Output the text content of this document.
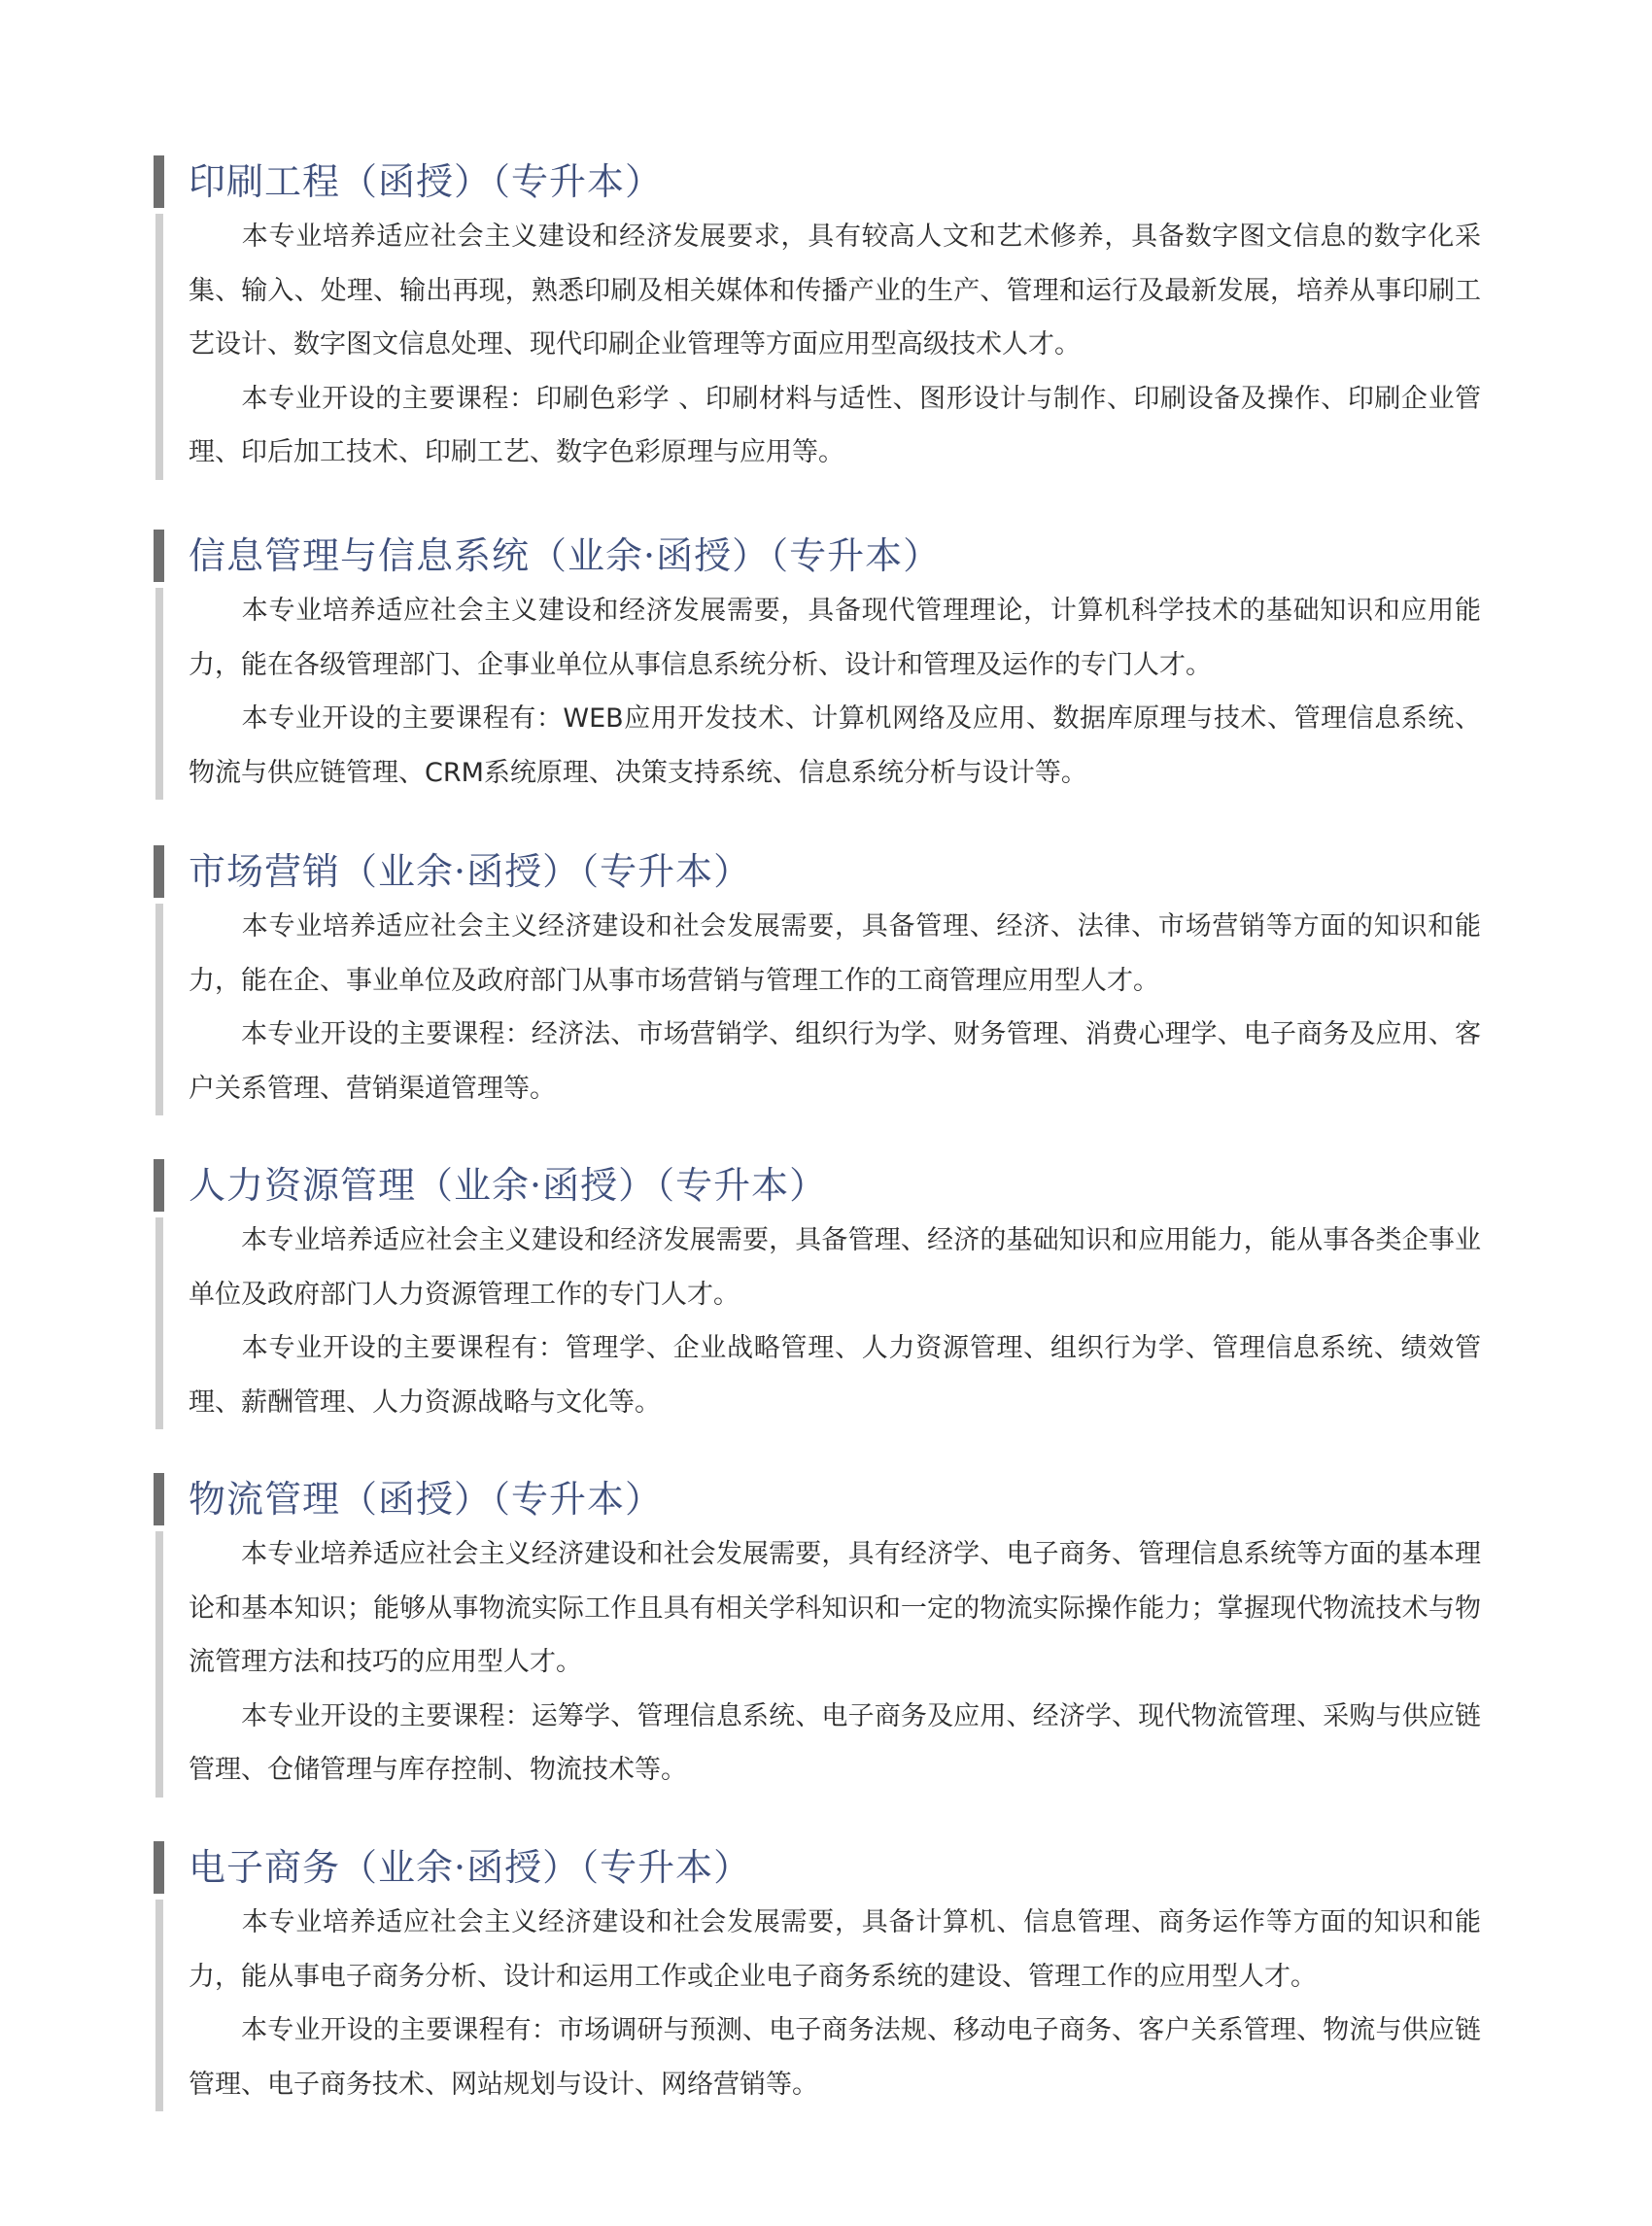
印刷工程（函授）（专升本）

本专业培养适应社会主义建设和经济发展要求，具有较高人文和艺术修养，具备数字图文信息的数字化采集、输入、处理、输出再现，熟悉印刷及相关媒体和传播产业的生产、管理和运行及最新发展，培养从事印刷工艺设计、数字图文信息处理、现代印刷企业管理等方面应用型高级技术人才。

本专业开设的主要课程：印刷色彩学 、印刷材料与适性、图形设计与制作、印刷设备及操作、印刷企业管理、印后加工技术、印刷工艺、数字色彩原理与应用等。

信息管理与信息系统（业余·函授）（专升本）

本专业培养适应社会主义建设和经济发展需要，具备现代管理理论，计算机科学技术的基础知识和应用能力，能在各级管理部门、企事业单位从事信息系统分析、设计和管理及运作的专门人才。

本专业开设的主要课程有：WEB应用开发技术、计算机网络及应用、数据库原理与技术、管理信息系统、物流与供应链管理、CRM系统原理、决策支持系统、信息系统分析与设计等。

市场营销（业余·函授）（专升本）

本专业培养适应社会主义经济建设和社会发展需要，具备管理、经济、法律、市场营销等方面的知识和能力，能在企、事业单位及政府部门从事市场营销与管理工作的工商管理应用型人才。

本专业开设的主要课程：经济法、市场营销学、组织行为学、财务管理、消费心理学、电子商务及应用、客户关系管理、营销渠道管理等。

人力资源管理（业余·函授）（专升本）

本专业培养适应社会主义建设和经济发展需要，具备管理、经济的基础知识和应用能力，能从事各类企事业单位及政府部门人力资源管理工作的专门人才。

本专业开设的主要课程有：管理学、企业战略管理、人力资源管理、组织行为学、管理信息系统、绩效管理、薪酬管理、人力资源战略与文化等。

物流管理（函授）（专升本）

本专业培养适应社会主义经济建设和社会发展需要，具有经济学、电子商务、管理信息系统等方面的基本理论和基本知识；能够从事物流实际工作且具有相关学科知识和一定的物流实际操作能力；掌握现代物流技术与物流管理方法和技巧的应用型人才。

本专业开设的主要课程：运筹学、管理信息系统、电子商务及应用、经济学、现代物流管理、采购与供应链管理、仓储管理与库存控制、物流技术等。

电子商务（业余·函授）（专升本）

本专业培养适应社会主义经济建设和社会发展需要，具备计算机、信息管理、商务运作等方面的知识和能力，能从事电子商务分析、设计和运用工作或企业电子商务系统的建设、管理工作的应用型人才。

本专业开设的主要课程有：市场调研与预测、电子商务法规、移动电子商务、客户关系管理、物流与供应链管理、电子商务技术、网站规划与设计、网络营销等。
